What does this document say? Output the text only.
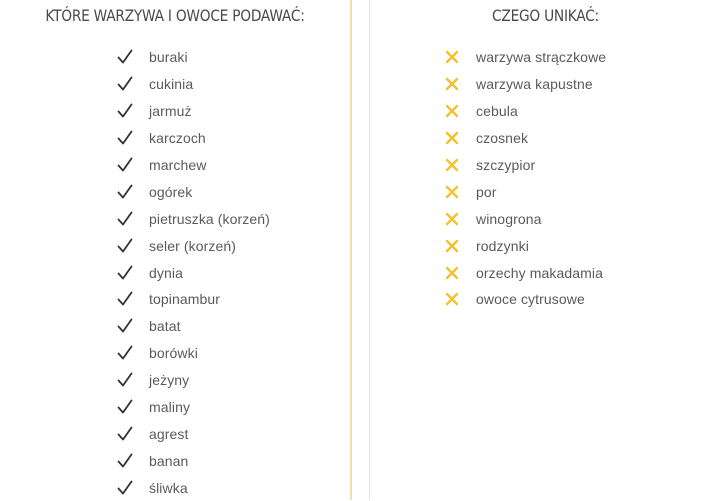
KTÓRE WARZYWA I OWOCE PODAWAĆ:
buraki
cukinia
jarmuż
karczoch
marchew
ogórek
pietruszka (korzeń)
seler (korzeń)
dynia
topinambur
batat
borówki
jeżyny
maliny
agrest
banan
śliwka
CZEGO UNIKAĆ:
warzywa strączkowe
warzywa kapustne
cebula
czosnek
szczypior
por
winogrona
rodzynki
orzechy makadamia
owoce cytrusowe
